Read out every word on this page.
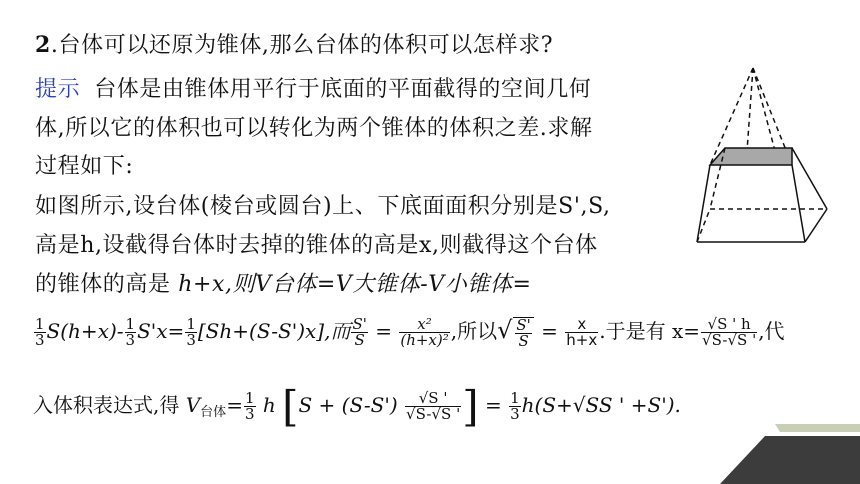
2.台体可以还原为锥体,那么台体的体积可以怎样求?
提示 台体是由锥体用平行于底面的平面截得的空间几何
体,所以它的体积也可以转化为两个锥体的体积之差.求解
过程如下:
如图所示,设台体(棱台或圆台)上、下底面面积分别是S',S,
高是h,设截得台体时去掉的锥体的高是x,则截得这个台体
的锥体的高是 h+x,则V台体=V大锥体-V小锥体=
$\frac{1}{3} S(h+x)- \frac{1}{3} S'x= \frac{1}{3} [Sh+(S-S')x]$,而 $\frac{S'}{S} = \frac{\text{x²}}{\text{(h+x)²}}$ ,所以√ $\frac{S'}{S} = \frac{x}{h+x}$ .于是有 $x= \frac{√S ' h}{√S-√S '}$ ,代
入体积表达式,得 $V_{台体}= \frac{1}{3}$ h [$S + (S-S') \frac{√S '}{√S-√S '}$ ] = $\frac{1}{3} h(S+√SS$ ' +S').
